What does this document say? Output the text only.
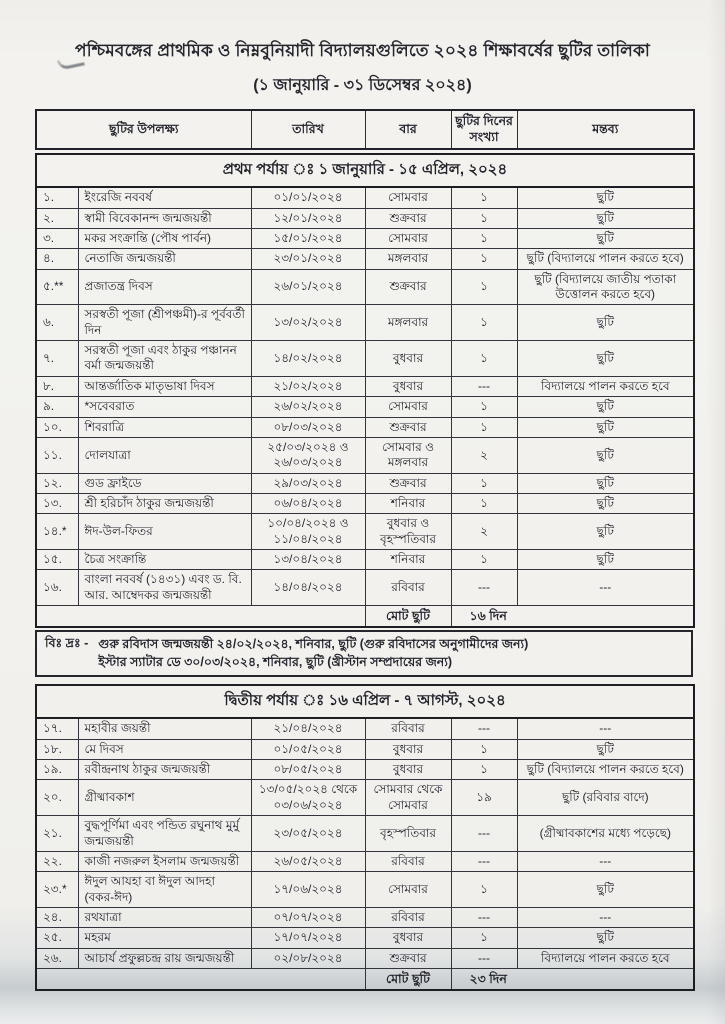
পশ্চিমবঙ্গের প্রাথমিক ও নিম্নবুনিয়াদী বিদ্যালয়গুলিতে ২০২৪ শিক্ষাবর্ষের ছুটির তালিকা
(১ জানুয়ারি - ৩১ ডিসেম্বর ২০২৪)
ছুটির উপলক্ষ্য	তারিখ	বার	ছুটির দিনের সংখ্যা	মন্তব্য
প্রথম পর্যায় ঃ ১ জানুয়ারি - ১৫ এপ্রিল, ২০২৪					
১.	ইংরেজি নববর্ষ	০১/০১/২০২৪	সোমবার	১	ছুটি
২.	স্বামী বিবেকানন্দ জন্মজয়ন্তী	১২/০১/২০২৪	শুক্রবার	১	ছুটি
৩.	মকর সংক্রান্তি (পৌষ পার্বন)	১৫/০১/২০২৪	সোমবার	১	ছুটি
৪.	নেতাজি জন্মজয়ন্তী	২৩/০১/২০২৪	মঙ্গলবার	১	ছুটি (বিদ্যালয়ে পালন করতে হবে)
৫.**	প্রজাতন্ত্র দিবস	২৬/০১/২০২৪	শুক্রবার	১	ছুটি (বিদ্যালয়ে জাতীয় পতাকা উত্তোলন করতে হবে)
৬.	সরস্বতী পূজা (শ্রীপঞ্চমী)-র পূর্ববর্তী দিন	১৩/০২/২০২৪	মঙ্গলবার	১	ছুটি
৭.	সরস্বতী পূজা এবং ঠাকুর পঞ্চানন বর্মা জন্মজয়ন্তী	১৪/০২/২০২৪	বুধবার	১	ছুটি
৮.	আন্তর্জাতিক মাতৃভাষা দিবস	২১/০২/২০২৪	বুধবার	---	বিদ্যালয়ে পালন করতে হবে
৯.	*সবেবরাত	২৬/০২/২০২৪	সোমবার	১	ছুটি
১০.	শিবরাত্রি	০৮/০৩/২০২৪	শুক্রবার	১	ছুটি
১১.	দোলযাত্রা	২৫/০৩/২০২৪ ও ২৬/০৩/২০২৪	সোমবার ও মঙ্গলবার	২	ছুটি
১২.	গুড ফ্রাইডে	২৯/০৩/২০২৪	শুক্রবার	১	ছুটি
১৩.	শ্রী হরিচাঁদ ঠাকুর জন্মজয়ন্তী	০৬/০৪/২০২৪	শনিবার	১	ছুটি
১৪.*	ঈদ-উল-ফিতর	১০/০৪/২০২৪ ও ১১/০৪/২০২৪	বুধবার ও বৃহস্পতিবার	২	ছুটি
১৫.	চৈত্র সংক্রান্তি	১৩/০৪/২০২৪	শনিবার	১	ছুটি
১৬.	বাংলা নববর্ষ (১৪৩১) এবং ড. বি. আর. আম্বেদকর জন্মজয়ন্তী	১৪/০৪/২০২৪	রবিবার	---	---
			মোট ছুটি	১৬ দিন	
বিঃ দ্রঃ - গুরু রবিদাস জন্মজয়ন্তী ২৪/০২/২০২৪, শনিবার, ছুটি (গুরু রবিদাসের অনুগামীদের জন্য)
ইস্টার স্যাটার ডে ৩০/০৩/২০২৪, শনিবার, ছুটি (খ্রীস্টান সম্প্রদায়ের জন্য)
দ্বিতীয় পর্যায় ঃ ১৬ এপ্রিল - ৭ আগস্ট, ২০২৪					
১৭.	মহাবীর জয়ন্তী	২১/০৪/২০২৪	রবিবার	---	---
১৮.	মে দিবস	০১/০৫/২০২৪	বুধবার	১	ছুটি
১৯.	রবীন্দ্রনাথ ঠাকুর জন্মজয়ন্তী	০৮/০৫/২০২৪	বুধবার	১	ছুটি (বিদ্যালয়ে পালন করতে হবে)
২০.	গ্রীষ্মাবকাশ	১৩/০৫/২০২৪ থেকে ০৩/০৬/২০২৪	সোমবার থেকে সোমবার	১৯	ছুটি (রবিবার বাদে)
২১.	বুদ্ধপূর্ণিমা এবং পন্ডিত রঘুনাথ মুর্মু জন্মজয়ন্তী	২৩/০৫/২০২৪	বৃহস্পতিবার	---	(গ্রীষ্মাবকাশের মধ্যে পড়েছে)
২২.	কাজী নজরুল ইসলাম জন্মজয়ন্তী	২৬/০৫/২০২৪	রবিবার	---	---
২৩.*	ঈদুল আযহা বা ঈদুল আদহা (বকর-ঈদ)	১৭/০৬/২০২৪	সোমবার	১	ছুটি
২৪.	রথযাত্রা	০৭/০৭/২০২৪	রবিবার	---	---
২৫.	মহরম	১৭/০৭/২০২৪	বুধবার	১	ছুটি
২৬.	আচার্য প্রফুল্লচন্দ্র রায় জন্মজয়ন্তী	০২/০৮/২০২৪	শুক্রবার	---	বিদ্যালয়ে পালন করতে হবে
			মোট ছুটি	২৩ দিন	
